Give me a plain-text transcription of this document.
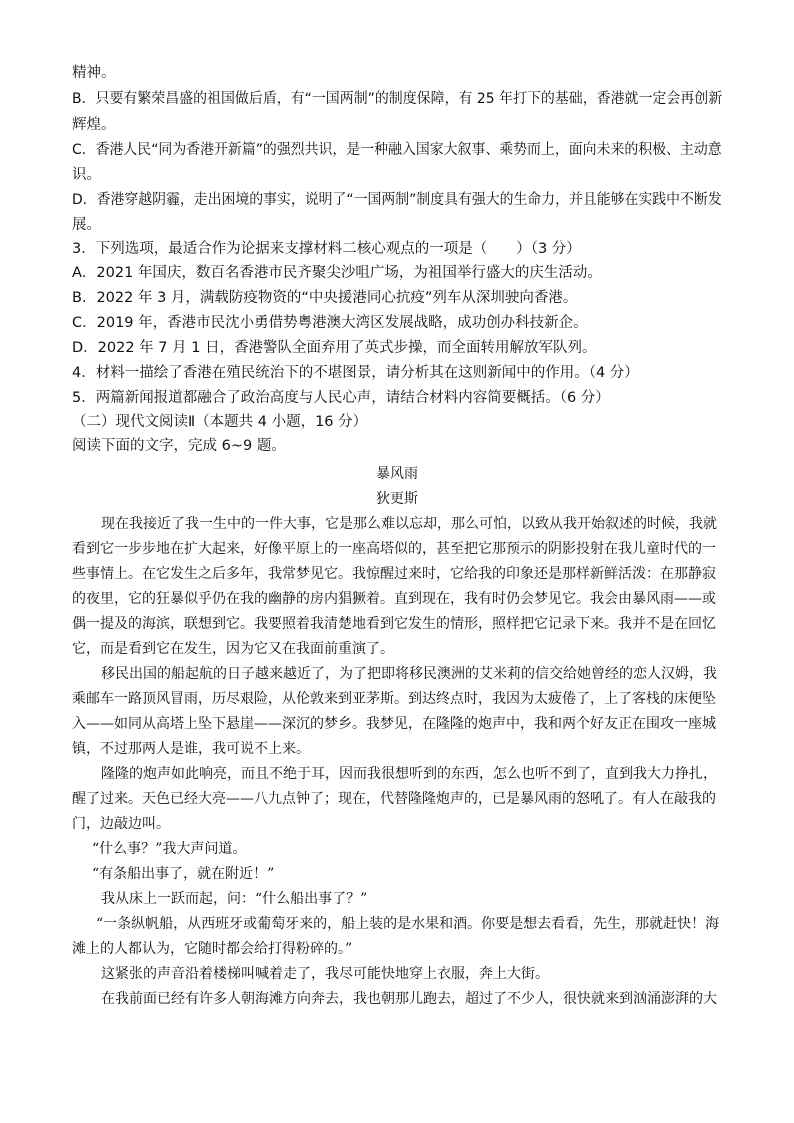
精神。
B．只要有繁荣昌盛的祖国做后盾，有“一国两制”的制度保障，有 25 年打下的基础，香港就一定会再创新
辉煌。
C．香港人民“同为香港开新篇”的强烈共识，是一种融入国家大叙事、乘势而上，面向未来的积极、主动意
识。
D．香港穿越阴霾，走出困境的事实，说明了“一国两制”制度具有强大的生命力，并且能够在实践中不断发
展。
3．下列选项，最适合作为论据来支撑材料二核心观点的一项是（　　）（3 分）
A．2021 年国庆，数百名香港市民齐聚尖沙咀广场，为祖国举行盛大的庆生活动。
B．2022 年 3 月，满载防疫物资的“中央援港同心抗疫”列车从深圳驶向香港。
C．2019 年，香港市民沈小勇借势粤港澳大湾区发展战略，成功创办科技新企。
D．2022 年 7 月 1 日，香港警队全面弃用了英式步操，而全面转用解放军队列。
4．材料一描绘了香港在殖民统治下的不堪图景，请分析其在这则新闻中的作用。（4 分）
5．两篇新闻报道都融合了政治高度与人民心声，请结合材料内容简要概括。（6 分）
（二）现代文阅读Ⅱ（本题共 4 小题，16 分）
阅读下面的文字，完成 6~9 题。
暴风雨
狄更斯
现在我接近了我一生中的一件大事，它是那么难以忘却，那么可怕，以致从我开始叙述的时候，我就
看到它一步步地在扩大起来，好像平原上的一座高塔似的，甚至把它那预示的阴影投射在我儿童时代的一
些事情上。在它发生之后多年，我常梦见它。我惊醒过来时，它给我的印象还是那样新鲜活泼：在那静寂
的夜里，它的狂暴似乎仍在我的幽静的房内猖獗着。直到现在，我有时仍会梦见它。我会由暴风雨——或
偶一提及的海滨，联想到它。我要照着我清楚地看到它发生的情形，照样把它记录下来。我并不是在回忆
它，而是看到它在发生，因为它又在我面前重演了。
移民出国的船起航的日子越来越近了，为了把即将移民澳洲的艾米莉的信交给她曾经的恋人汉姆，我
乘邮车一路顶风冒雨，历尽艰险，从伦敦来到亚茅斯。到达终点时，我因为太疲倦了，上了客栈的床便坠
入——如同从高塔上坠下悬崖——深沉的梦乡。我梦见，在隆隆的炮声中，我和两个好友正在围攻一座城
镇，不过那两人是谁，我可说不上来。
隆隆的炮声如此响亮，而且不绝于耳，因而我很想听到的东西，怎么也听不到了，直到我大力挣扎，
醒了过来。天色已经大亮——八九点钟了；现在，代替隆隆炮声的，已是暴风雨的怒吼了。有人在敲我的
门，边敲边叫。
“什么事？”我大声问道。
“有条船出事了，就在附近！”
我从床上一跃而起，问：“什么船出事了？”
“一条纵帆船，从西班牙或葡萄牙来的，船上装的是水果和酒。你要是想去看看，先生，那就赶快！海
滩上的人都认为，它随时都会给打得粉碎的。”
这紧张的声音沿着楼梯叫喊着走了，我尽可能快地穿上衣服，奔上大街。
在我前面已经有许多人朝海滩方向奔去，我也朝那儿跑去，超过了不少人，很快就来到汹涌澎湃的大
